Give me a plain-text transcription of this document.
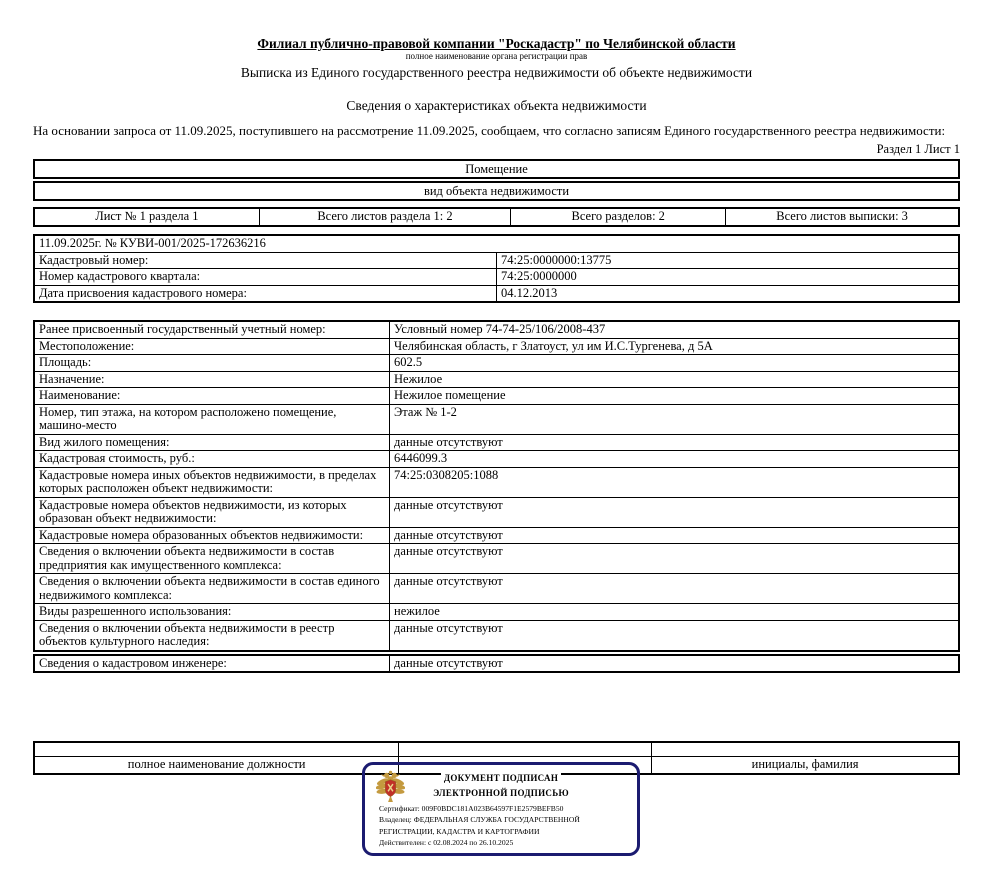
Филиал публично-правовой компании "Роскадастр" по Челябинской области
полное наименование органа регистрации прав
Выписка из Единого государственного реестра недвижимости об объекте недвижимости
Сведения о характеристиках объекта недвижимости
На основании запроса от 11.09.2025, поступившего на рассмотрение 11.09.2025, сообщаем, что согласно записям Единого государственного реестра недвижимости:
Раздел 1 Лист 1
Помещение
вид объекта недвижимости
Лист № 1 раздела 1	Всего листов раздела 1: 2	Всего разделов: 2	Всего листов выписки: 3
11.09.2025г. № КУВИ-001/2025-172636216	
Кадастровый номер:	74:25:0000000:13775
Номер кадастрового квартала:	74:25:0000000
Дата присвоения кадастрового номера:	04.12.2013
Ранее присвоенный государственный учетный номер:	Условный номер 74-74-25/106/2008-437
Местоположение:	Челябинская область, г Златоуст, ул им И.С.Тургенева, д 5А
Площадь:	602.5
Назначение:	Нежилое
Наименование:	Нежилое помещение
Номер, тип этажа, на котором расположено помещение, машино-место	Этаж № 1-2
Вид жилого помещения:	данные отсутствуют
Кадастровая стоимость, руб.:	6446099.3
Кадастровые номера иных объектов недвижимости, в пределах которых расположен объект недвижимости:	74:25:0308205:1088
Кадастровые номера объектов недвижимости, из которых образован объект недвижимости:	данные отсутствуют
Кадастровые номера образованных объектов недвижимости:	данные отсутствуют
Сведения о включении объекта недвижимости в состав предприятия как имущественного комплекса:	данные отсутствуют
Сведения о включении объекта недвижимости в состав единого недвижимого комплекса:	данные отсутствуют
Виды разрешенного использования:	нежилое
Сведения о включении объекта недвижимости в реестр объектов культурного наследия:	данные отсутствуют
Сведения о кадастровом инженере:	данные отсутствуют

полное наименование должности		инициалы, фамилия
ДОКУМЕНТ ПОДПИСАН
ЭЛЕКТРОННОЙ ПОДПИСЬЮ
Сертификат: 009F0BDC181A023B64597F1E2579BEFB50
Владелец: ФЕДЕРАЛЬНАЯ СЛУЖБА ГОСУДАРСТВЕННОЙ
РЕГИСТРАЦИИ, КАДАСТРА И КАРТОГРАФИИ
Действителен: с 02.08.2024 по 26.10.2025
